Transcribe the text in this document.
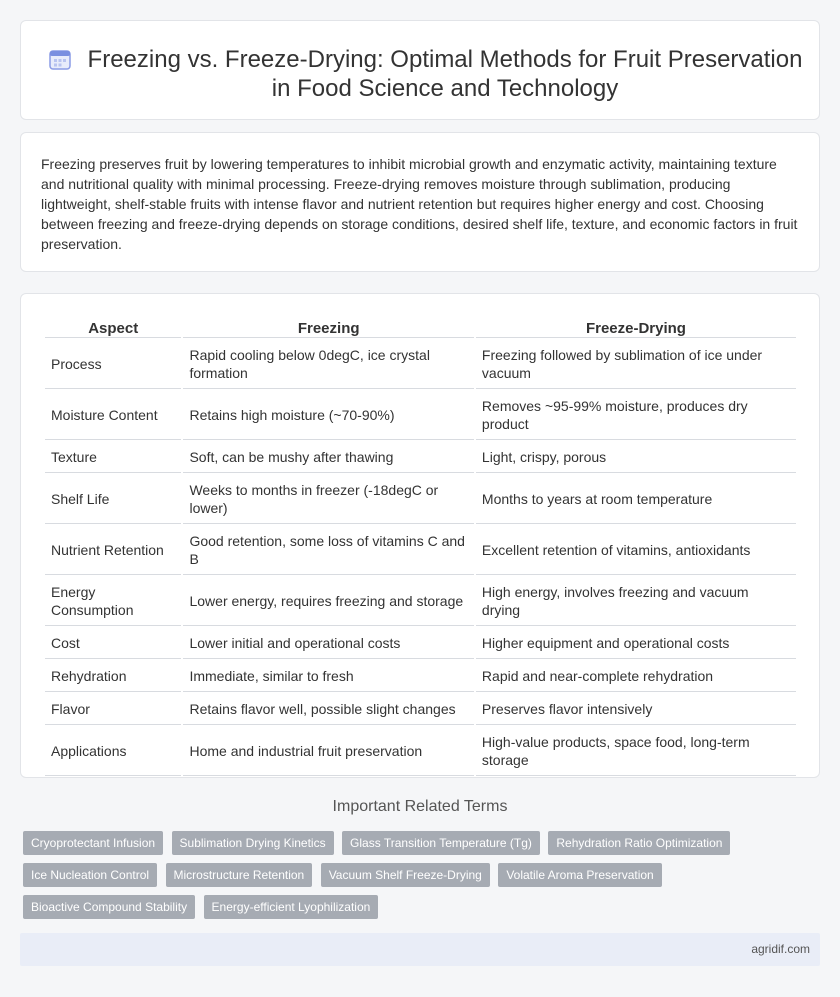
Freezing vs. Freeze-Drying: Optimal Methods for Fruit Preservation in Food Science and Technology

Freezing preserves fruit by lowering temperatures to inhibit microbial growth and enzymatic activity, maintaining texture and nutritional quality with minimal processing. Freeze-drying removes moisture through sublimation, producing lightweight, shelf-stable fruits with intense flavor and nutrient retention but requires higher energy and cost. Choosing between freezing and freeze-drying depends on storage conditions, desired shelf life, texture, and economic factors in fruit preservation.

Aspect	Freezing	Freeze-Drying
Process	Rapid cooling below 0degC, ice crystal formation	Freezing followed by sublimation of ice under vacuum
Moisture Content	Retains high moisture (~70-90%)	Removes ~95-99% moisture, produces dry product
Texture	Soft, can be mushy after thawing	Light, crispy, porous
Shelf Life	Weeks to months in freezer (-18degC or lower)	Months to years at room temperature
Nutrient Retention	Good retention, some loss of vitamins C and B	Excellent retention of vitamins, antioxidants
Energy Consumption	Lower energy, requires freezing and storage	High energy, involves freezing and vacuum drying
Cost	Lower initial and operational costs	Higher equipment and operational costs
Rehydration	Immediate, similar to fresh	Rapid and near-complete rehydration
Flavor	Retains flavor well, possible slight changes	Preserves flavor intensively
Applications	Home and industrial fruit preservation	High-value products, space food, long-term storage
Important Related Terms
Cryoprotectant Infusion Sublimation Drying Kinetics Glass Transition Temperature (Tg) Rehydration Ratio Optimization Ice Nucleation Control Microstructure Retention Vacuum Shelf Freeze-Drying Volatile Aroma Preservation Bioactive Compound Stability Energy-efficient Lyophilization
agridif.com
